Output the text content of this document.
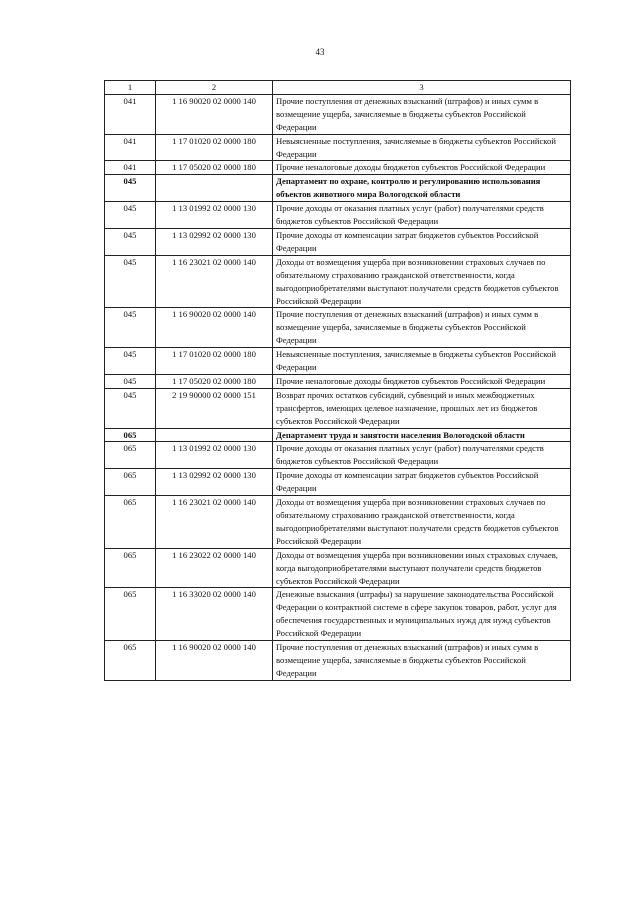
43
1	2	3
041	1 16 90020 02 0000 140	Прочие поступления от денежных взысканий (штрафов) и иных сумм в возмещение ущерба, зачисляемые в бюджеты субъектов Российской Федерации
041	1 17 01020 02 0000 180	Невыясненные поступления, зачисляемые в бюджеты субъектов Российской Федерации
041	1 17 05020 02 0000 180	Прочие неналоговые доходы бюджетов субъектов Российской Федерации
045		Департамент по охране, контролю и регулированию использования объектов животного мира Вологодской области
045	1 13 01992 02 0000 130	Прочие доходы от оказания платных услуг (работ) получателями средств бюджетов субъектов Российской Федерации
045	1 13 02992 02 0000 130	Прочие доходы от компенсации затрат бюджетов субъектов Российской Федерации
045	1 16 23021 02 0000 140	Доходы от возмещения ущерба при возникновении страховых случаев по обязательному страхованию гражданской ответственности, когда выгодоприобретателями выступают получатели средств бюджетов субъектов Российской Федерации
045	1 16 90020 02 0000 140	Прочие поступления от денежных взысканий (штрафов) и иных сумм в возмещение ущерба, зачисляемые в бюджеты субъектов Российской Федерации
045	1 17 01020 02 0000 180	Невыясненные поступления, зачисляемые в бюджеты субъектов Российской Федерации
045	1 17 05020 02 0000 180	Прочие неналоговые доходы бюджетов субъектов Российской Федерации
045	2 19 90000 02 0000 151	Возврат прочих остатков субсидий, субвенций и иных межбюджетных трансфертов, имеющих целевое назначение, прошлых лет из бюджетов субъектов Российской Федерации
065		Департамент труда и занятости населения Вологодской области
065	1 13 01992 02 0000 130	Прочие доходы от оказания платных услуг (работ) получателями средств бюджетов субъектов Российской Федерации
065	1 13 02992 02 0000 130	Прочие доходы от компенсации затрат бюджетов субъектов Российской Федерации
065	1 16 23021 02 0000 140	Доходы от возмещения ущерба при возникновении страховых случаев по обязательному страхованию гражданской ответственности, когда выгодоприобретателями выступают получатели средств бюджетов субъектов Российской Федерации
065	1 16 23022 02 0000 140	Доходы от возмещения ущерба при возникновении иных страховых случаев, когда выгодоприобретателями выступают получатели средств бюджетов субъектов Российской Федерации
065	1 16 33020 02 0000 140	Денежные взыскания (штрафы) за нарушение законодательства Российской Федерации о контрактной системе в сфере закупок товаров, работ, услуг для обеспечения государственных и муниципальных нужд для нужд субъектов Российской Федерации
065	1 16 90020 02 0000 140	Прочие поступления от денежных взысканий (штрафов) и иных сумм в возмещение ущерба, зачисляемые в бюджеты субъектов Российской Федерации
